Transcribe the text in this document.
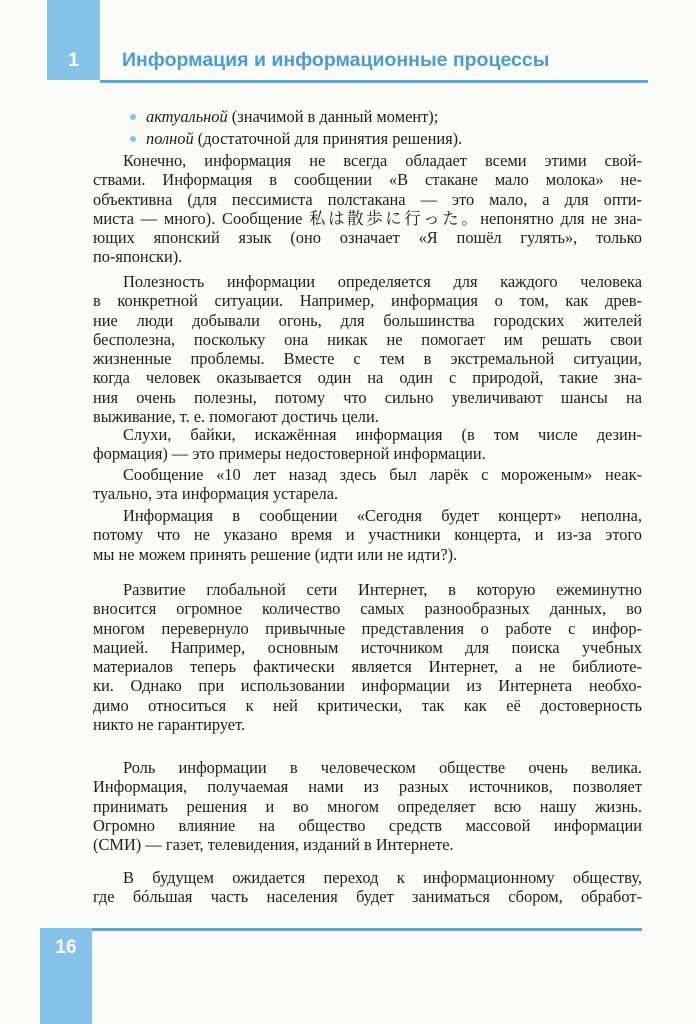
1	Информация и информационные процессы
актуальной (значимой в данный момент);
полной (достаточной для принятия решения).
Конечно, информация не всегда обладает всеми этими свой-
ствами. Информация в сообщении «В стакане мало молока» не-
объективна (для пессимиста полстакана — это мало, а для опти-
миста — много). Сообщение 私は散歩に行った。непонятно для не зна-
ющих японский язык (оно означает «Я пошёл гулять», только
по-японски).
Полезность информации определяется для каждого человека
в конкретной ситуации. Например, информация о том, как древ-
ние люди добывали огонь, для большинства городских жителей
бесполезна, поскольку она никак не помогает им решать свои
жизненные проблемы. Вместе с тем в экстремальной ситуации,
когда человек оказывается один на один с природой, такие зна-
ния очень полезны, потому что сильно увеличивают шансы на
выживание, т. е. помогают достичь цели.
Слухи, байки, искажённая информация (в том числе дезин-
формация) — это примеры недостоверной информации.
Сообщение «10 лет назад здесь был ларёк с мороженым» неак-
туально, эта информация устарела.
Информация в сообщении «Сегодня будет концерт» неполна,
потому что не указано время и участники концерта, и из-за этого
мы не можем принять решение (идти или не идти?).
Развитие глобальной сети Интернет, в которую ежеминутно
вносится огромное количество самых разнообразных данных, во
многом перевернуло привычные представления о работе с инфор-
мацией. Например, основным источником для поиска учебных
материалов теперь фактически является Интернет, а не библиоте-
ки. Однако при использовании информации из Интернета необхо-
димо относиться к ней критически, так как её достоверность
никто не гарантирует.
Роль информации в человеческом обществе очень велика.
Информация, получаемая нами из разных источников, позволяет
принимать решения и во многом определяет всю нашу жизнь.
Огромно влияние на общество средств массовой информации
(СМИ) — газет, телевидения, изданий в Интернете.
В будущем ожидается переход к информационному обществу,
где бóльшая часть населения будет заниматься сбором, обработ-
16
